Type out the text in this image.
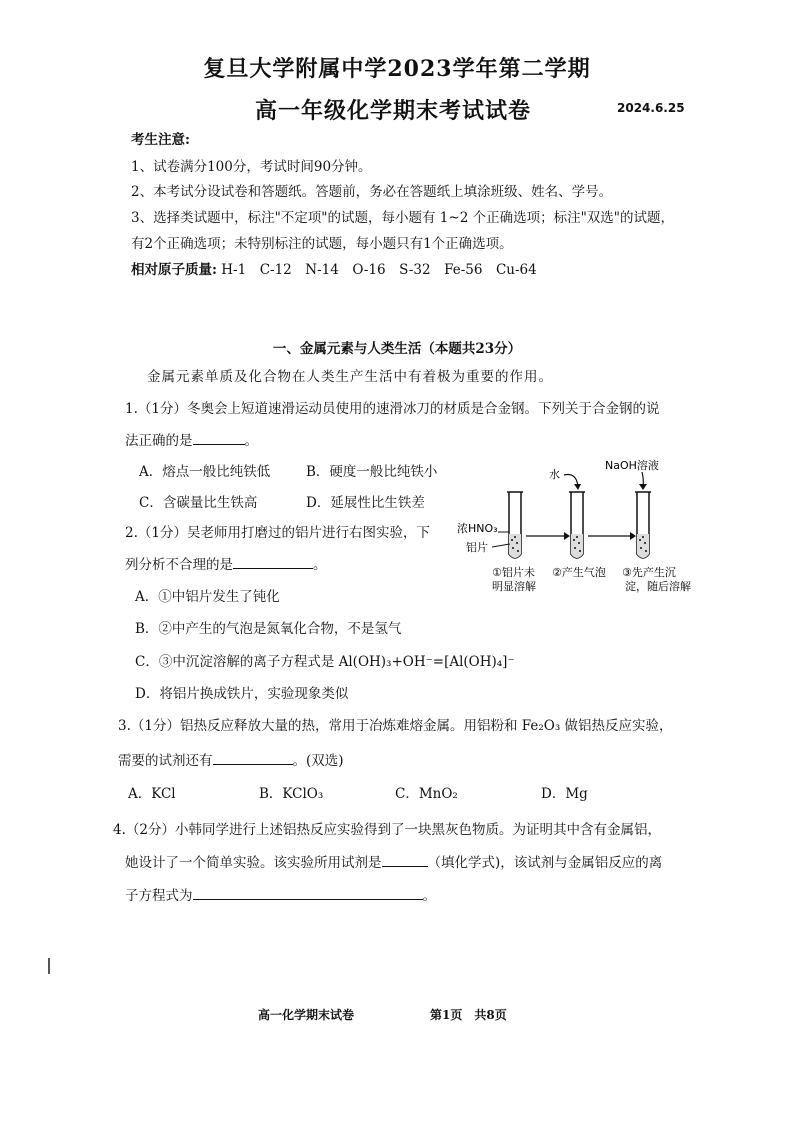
复旦大学附属中学2023学年第二学期
高一年级化学期末考试试卷	2024.6.25
考生注意:
1、试卷满分100分，考试时间90分钟。
2、本考试分设试卷和答题纸。答题前，务必在答题纸上填涂班级、姓名、学号。
3、选择类试题中，标注"不定项"的试题，每小题有 1~2 个正确选项；标注"双选"的试题，
有2个正确选项；未特别标注的试题，每小题只有1个正确选项。
相对原子质量: H-1　C-12　N-14　O-16　S-32　Fe-56　Cu-64
一、金属元素与人类生活（本题共23分）
金属元素单质及化合物在人类生产生活中有着极为重要的作用。
1.（1分）冬奥会上短道速滑运动员使用的速滑冰刀的材质是合金钢。下列关于合金钢的说
法正确的是	。
A．熔点一般比纯铁低	B．硬度一般比纯铁小
C．含碳量比生铁高	D．延展性比生铁差
2.（1分）吴老师用打磨过的铝片进行右图实验，下
列分析不合理的是	。
A．①中铝片发生了钝化
B．②中产生的气泡是氮氧化合物，不是氢气
C．③中沉淀溶解的离子方程式是 Al(OH)₃+OH⁻=[Al(OH)₄]⁻
D．将铝片换成铁片，实验现象类似
浓HNO₃
铝片
水
NaOH溶液
①铝片未
明显溶解
②产生气泡 ③先产生沉
淀，随后溶解
3.（1分）铝热反应释放大量的热，常用于冶炼难熔金属。用铝粉和 Fe₂O₃ 做铝热反应实验，
需要的试剂还有	。(双选)
A．KCl	B．KClO₃	C．MnO₂	D．Mg
4.（2分）小韩同学进行上述铝热反应实验得到了一块黑灰色物质。为证明其中含有金属铝，
她设计了一个简单实验。该实验所用试剂是	（填化学式)，该试剂与金属铝反应的离
子方程式为	。
高一化学期末试卷	第1页　共8页
